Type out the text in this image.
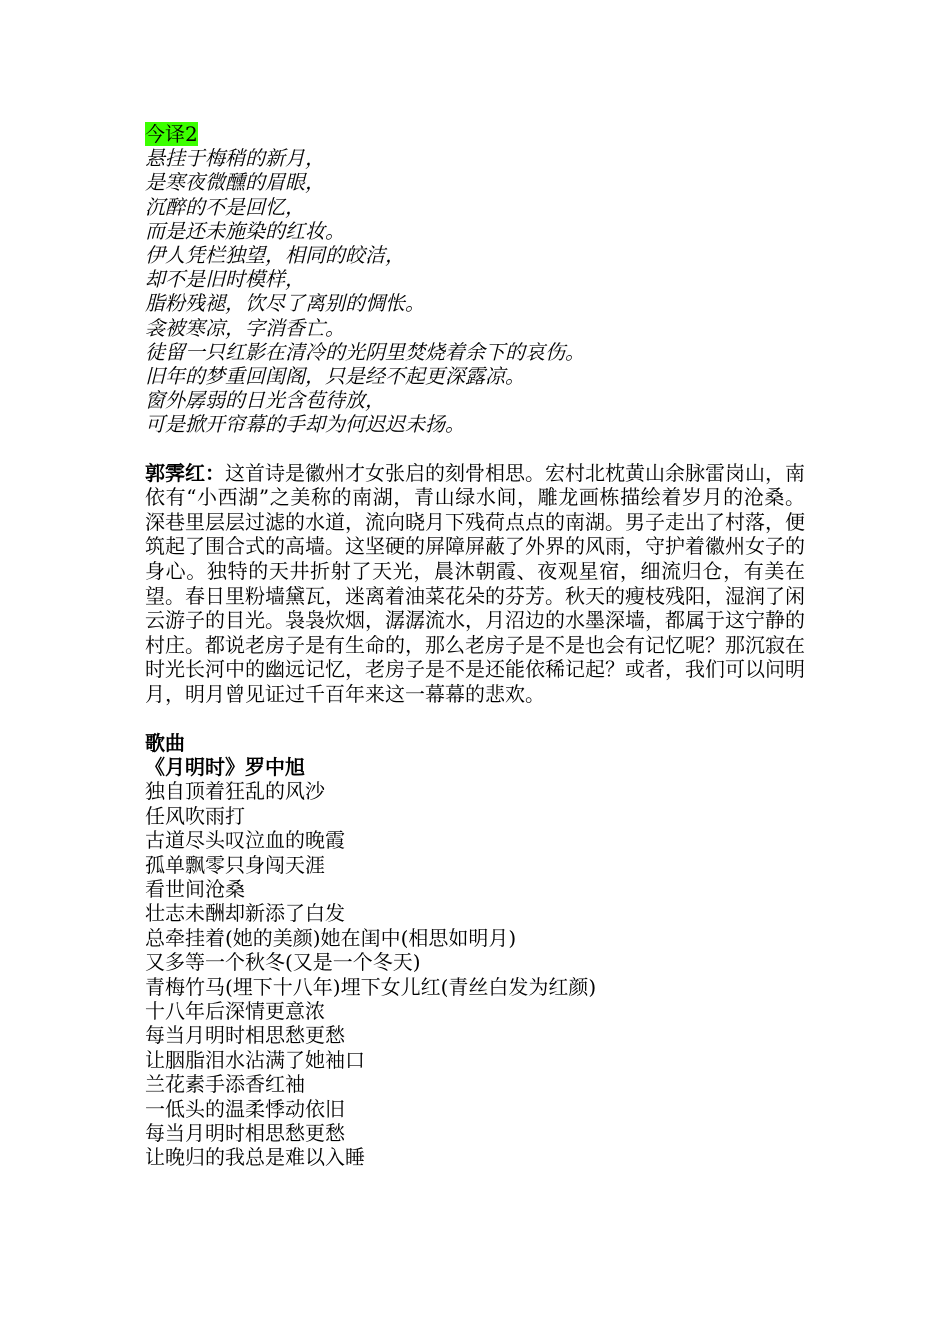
今译2
悬挂于梅稍的新月，
是寒夜微醺的眉眼，
沉醉的不是回忆，
而是还未施染的红妆。
伊人凭栏独望，相同的皎洁，
却不是旧时模样，
脂粉残褪，饮尽了离别的惆怅。
衾被寒凉，字消香亡。
徒留一只红影在清冷的光阴里焚烧着余下的哀伤。
旧年的梦重回闺阁，只是经不起更深露凉。
窗外孱弱的日光含苞待放，
可是掀开帘幕的手却为何迟迟未扬。

郭霁红：这首诗是徽州才女张启的刻骨相思。宏村北枕黄山余脉雷岗山，南依有“小西湖”之美称的南湖，青山绿水间，雕龙画栋描绘着岁月的沧桑。深巷里层层过滤的水道，流向晓月下残荷点点的南湖。男子走出了村落，便筑起了围合式的高墙。这坚硬的屏障屏蔽了外界的风雨，守护着徽州女子的身心。独特的天井折射了天光，晨沐朝霞、夜观星宿，细流归仓，有美在望。春日里粉墙黛瓦，迷离着油菜花朵的芬芳。秋天的瘦枝残阳，湿润了闲云游子的目光。袅袅炊烟，潺潺流水，月沼边的水墨深墙，都属于这宁静的村庄。都说老房子是有生命的，那么老房子是不是也会有记忆呢？那沉寂在时光长河中的幽远记忆，老房子是不是还能依稀记起？或者，我们可以问明月，明月曾见证过千百年来这一幕幕的悲欢。

歌曲
《月明时》罗中旭
独自顶着狂乱的风沙
任风吹雨打
古道尽头叹泣血的晚霞
孤单飘零只身闯天涯
看世间沧桑
壮志未酬却新添了白发
总牵挂着(她的美颜)她在闺中(相思如明月)
又多等一个秋冬(又是一个冬天)
青梅竹马(埋下十八年)埋下女儿红(青丝白发为红颜)
十八年后深情更意浓
每当月明时相思愁更愁
让胭脂泪水沾满了她袖口
兰花素手添香红袖
一低头的温柔悸动依旧
每当月明时相思愁更愁
让晚归的我总是难以入睡
